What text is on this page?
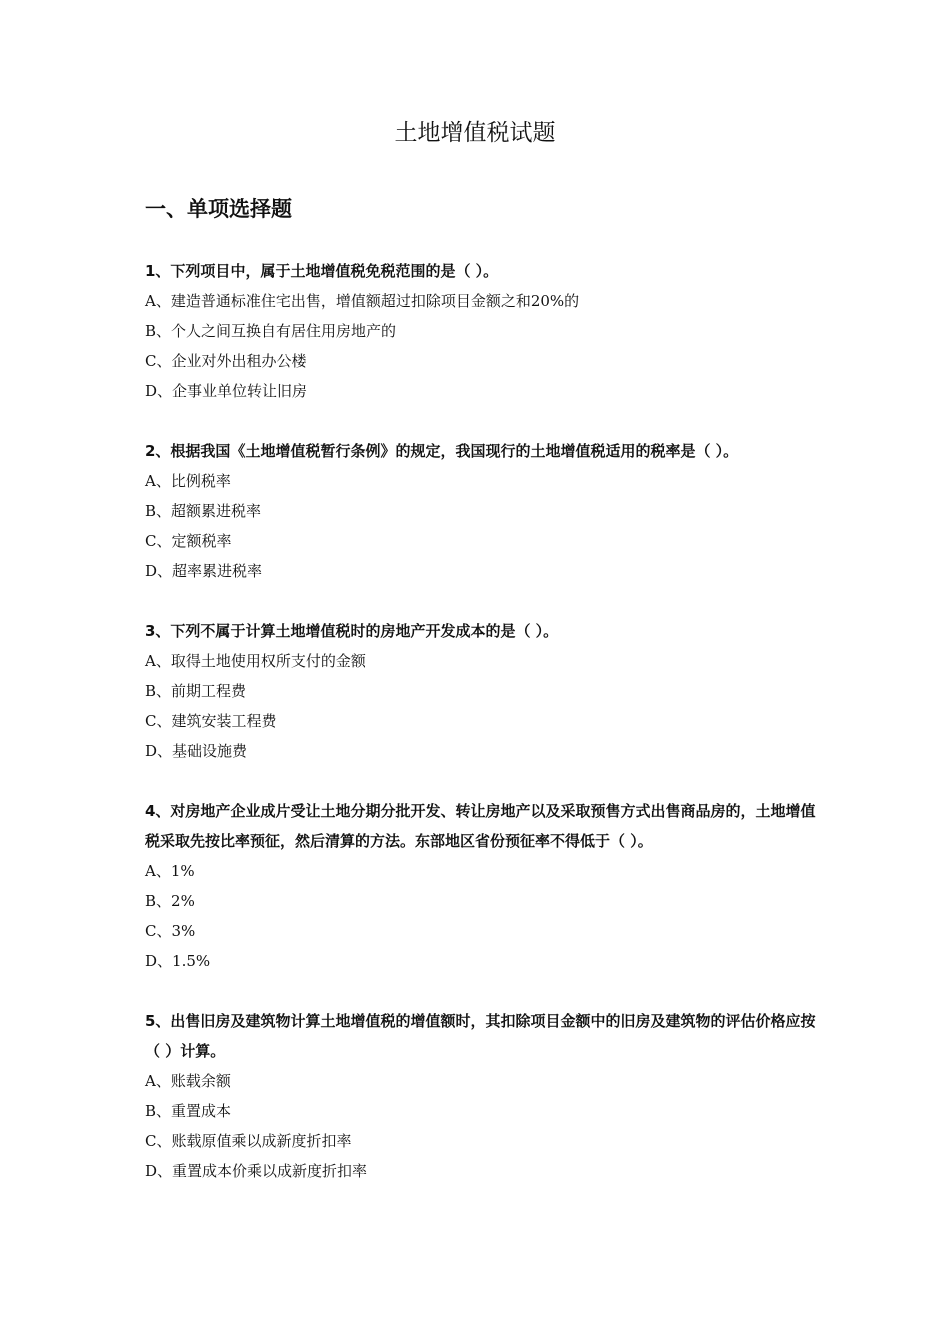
土地增值税试题
一、单项选择题
1、下列项目中，属于土地增值税免税范围的是（ ）。
A、建造普通标准住宅出售，增值额超过扣除项目金额之和20%的
B、个人之间互换自有居住用房地产的
C、企业对外出租办公楼
D、企事业单位转让旧房
2、根据我国《土地增值税暂行条例》的规定，我国现行的土地增值税适用的税率是（ ）。
A、比例税率
B、超额累进税率
C、定额税率
D、超率累进税率
3、下列不属于计算土地增值税时的房地产开发成本的是（ ）。
A、取得土地使用权所支付的金额
B、前期工程费
C、建筑安装工程费
D、基础设施费
4、对房地产企业成片受让土地分期分批开发、转让房地产以及采取预售方式出售商品房的，土地增值税采取先按比率预征，然后清算的方法。东部地区省份预征率不得低于（ ）。
A、1%
B、2%
C、3%
D、1.5%
5、出售旧房及建筑物计算土地增值税的增值额时，其扣除项目金额中的旧房及建筑物的评估价格应按（ ）计算。
A、账载余额
B、重置成本
C、账载原值乘以成新度折扣率
D、重置成本价乘以成新度折扣率
